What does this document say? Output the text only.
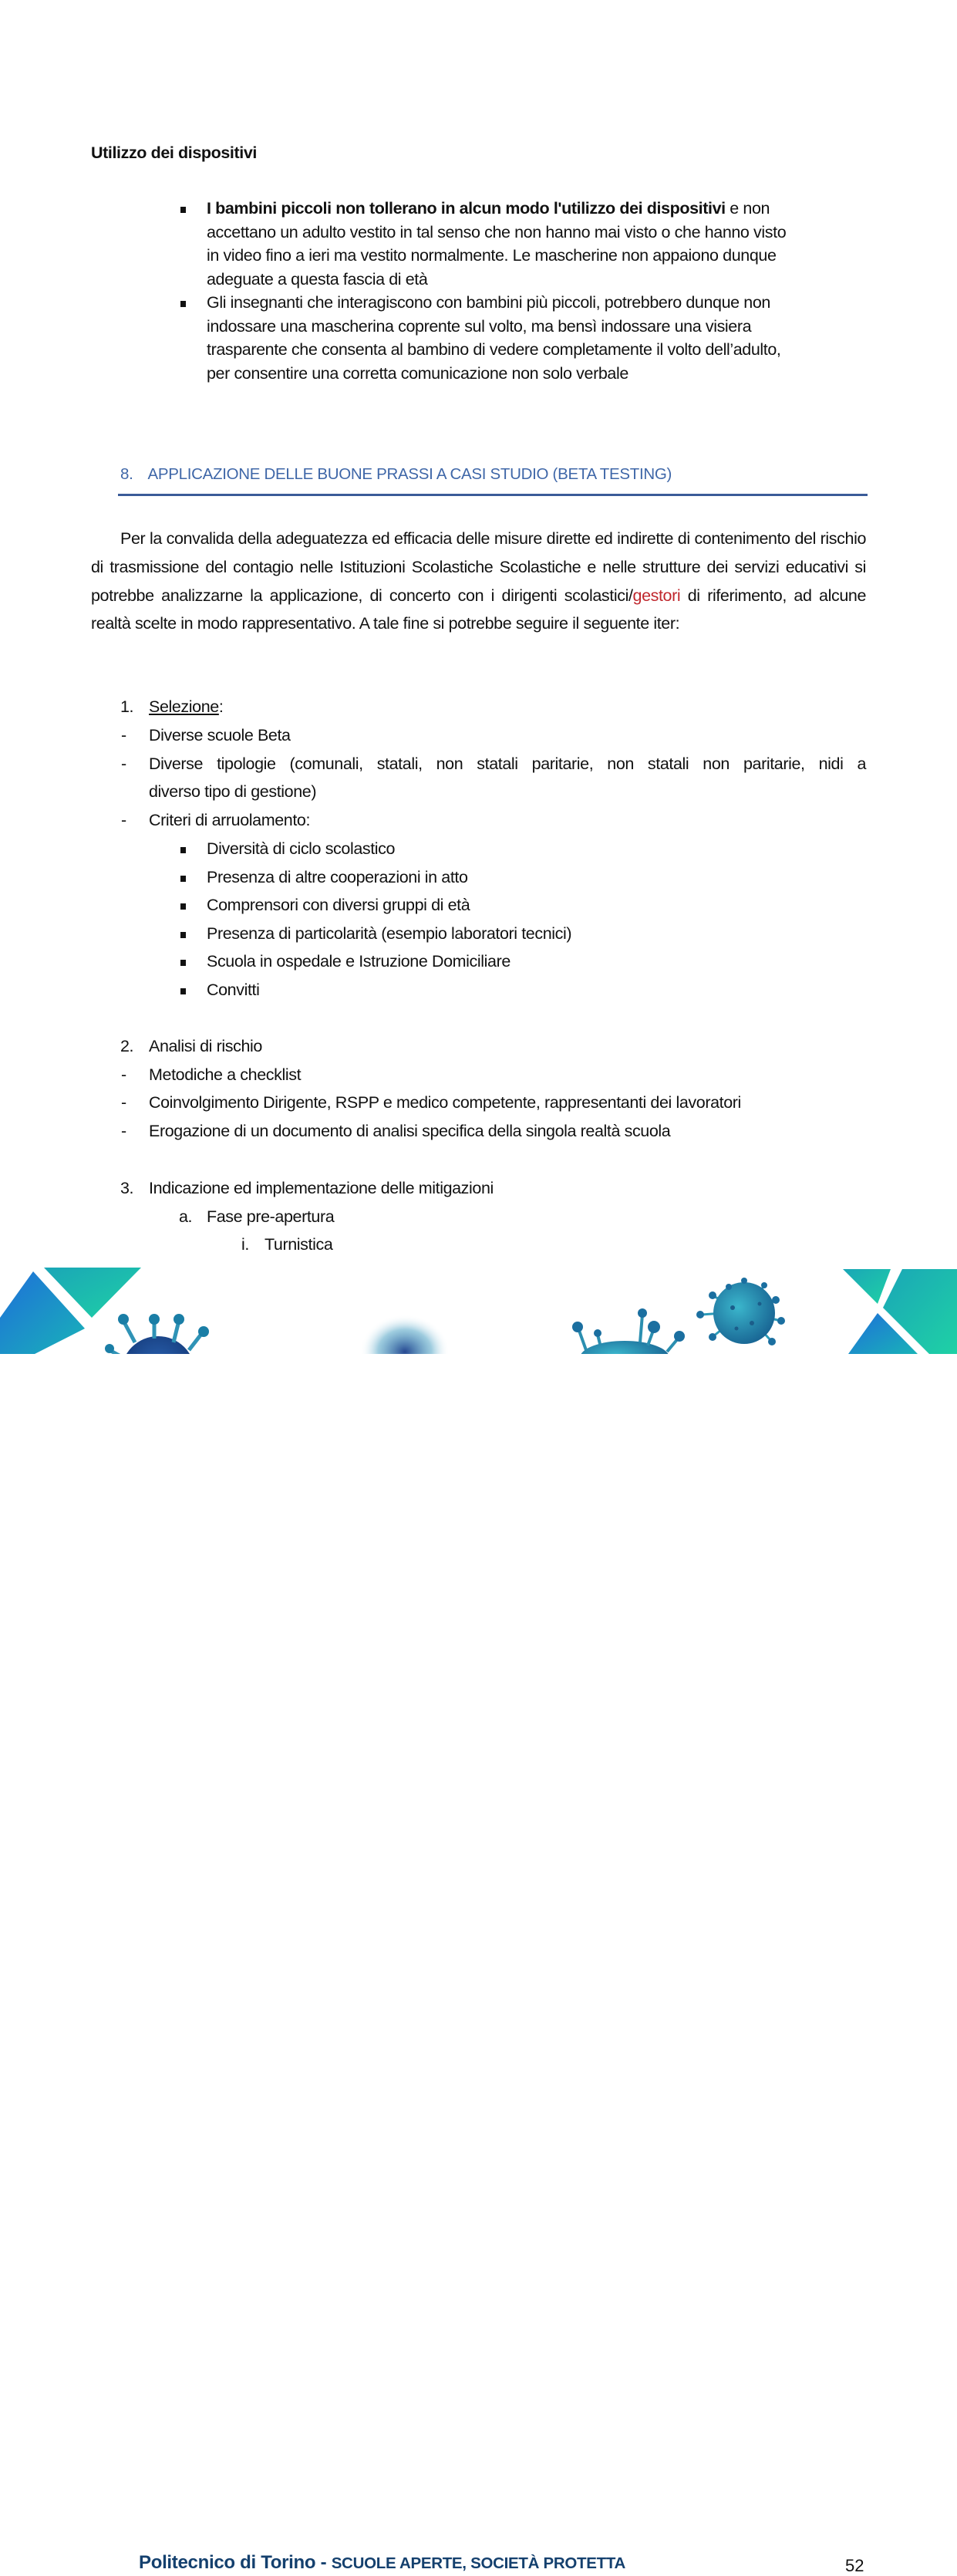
Utilizzo dei dispositivi
I bambini piccoli non tollerano in alcun modo l'utilizzo dei dispositivi e non
accettano un adulto vestito in tal senso che non hanno mai visto o che hanno visto
in video fino a ieri ma vestito normalmente. Le mascherine non appaiono dunque
adeguate a questa fascia di età
Gli insegnanti che interagiscono con bambini più piccoli, potrebbero dunque non
indossare una mascherina coprente sul volto, ma bensì indossare una visiera
trasparente che consenta al bambino di vedere completamente il volto dell’adulto,
per consentire una corretta comunicazione non solo verbale
8. APPLICAZIONE DELLE BUONE PRASSI A CASI STUDIO (BETA TESTING)
Per la convalida della adeguatezza ed efficacia delle misure dirette ed indirette di contenimento del rischio di trasmissione del contagio nelle Istituzioni Scolastiche Scolastiche e nelle strutture dei servizi educativi si potrebbe analizzarne la applicazione, di concerto con i dirigenti scolastici/gestori di riferimento, ad alcune realtà scelte in modo rappresentativo. A tale fine si potrebbe seguire il seguente iter:
1. Selezione:
- Diverse scuole Beta
- Diverse tipologie (comunali, statali, non statali paritarie, non statali non paritarie, nidi a
diverso tipo di gestione)
- Criteri di arruolamento:
Diversità di ciclo scolastico
Presenza di altre cooperazioni in atto
Comprensori con diversi gruppi di età
Presenza di particolarità (esempio laboratori tecnici)
Scuola in ospedale e Istruzione Domiciliare
Convitti
2. Analisi di rischio
- Metodiche a checklist
- Coinvolgimento Dirigente, RSPP e medico competente, rappresentanti dei lavoratori
- Erogazione di un documento di analisi specifica della singola realtà scuola
3. Indicazione ed implementazione delle mitigazioni
a. Fase pre-apertura
i. Turnistica
Politecnico di Torino - SCUOLE APERTE, SOCIETÀ PROTETTA	52
